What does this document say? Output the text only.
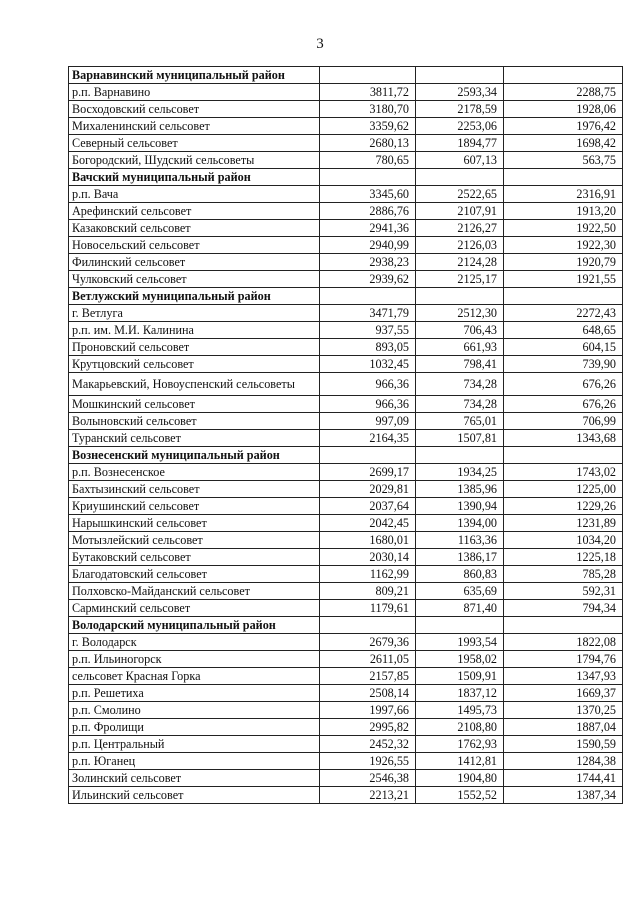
3
Варнавинский муниципальный район			
р.п. Варнавино	3811,72	2593,34	2288,75
Восходовский сельсовет	3180,70	2178,59	1928,06
Михаленинский сельсовет	3359,62	2253,06	1976,42
Северный сельсовет	2680,13	1894,77	1698,42
Богородский, Шудский сельсоветы	780,65	607,13	563,75
Вачский муниципальный район			
р.п. Вача	3345,60	2522,65	2316,91
Арефинский сельсовет	2886,76	2107,91	1913,20
Казаковский сельсовет	2941,36	2126,27	1922,50
Новосельский сельсовет	2940,99	2126,03	1922,30
Филинский сельсовет	2938,23	2124,28	1920,79
Чулковский сельсовет	2939,62	2125,17	1921,55
Ветлужский муниципальный район			
г. Ветлуга	3471,79	2512,30	2272,43
р.п. им. М.И. Калинина	937,55	706,43	648,65
Проновский сельсовет	893,05	661,93	604,15
Крутцовский сельсовет	1032,45	798,41	739,90
Макарьевский, Новоуспенский сельсоветы	966,36	734,28	676,26
Мошкинский сельсовет	966,36	734,28	676,26
Волыновский сельсовет	997,09	765,01	706,99
Туранский сельсовет	2164,35	1507,81	1343,68
Вознесенский муниципальный район			
р.п. Вознесенское	2699,17	1934,25	1743,02
Бахтызинский сельсовет	2029,81	1385,96	1225,00
Криушинский сельсовет	2037,64	1390,94	1229,26
Нарышкинский сельсовет	2042,45	1394,00	1231,89
Мотызлейский сельсовет	1680,01	1163,36	1034,20
Бутаковский сельсовет	2030,14	1386,17	1225,18
Благодатовский сельсовет	1162,99	860,83	785,28
Полховско-Майданский сельсовет	809,21	635,69	592,31
Сарминский сельсовет	1179,61	871,40	794,34
Володарский муниципальный район			
г. Володарск	2679,36	1993,54	1822,08
р.п. Ильиногорск	2611,05	1958,02	1794,76
сельсовет Красная Горка	2157,85	1509,91	1347,93
р.п. Решетиха	2508,14	1837,12	1669,37
р.п. Смолино	1997,66	1495,73	1370,25
р.п. Фролищи	2995,82	2108,80	1887,04
р.п. Центральный	2452,32	1762,93	1590,59
р.п. Юганец	1926,55	1412,81	1284,38
Золинский сельсовет	2546,38	1904,80	1744,41
Ильинский сельсовет	2213,21	1552,52	1387,34
